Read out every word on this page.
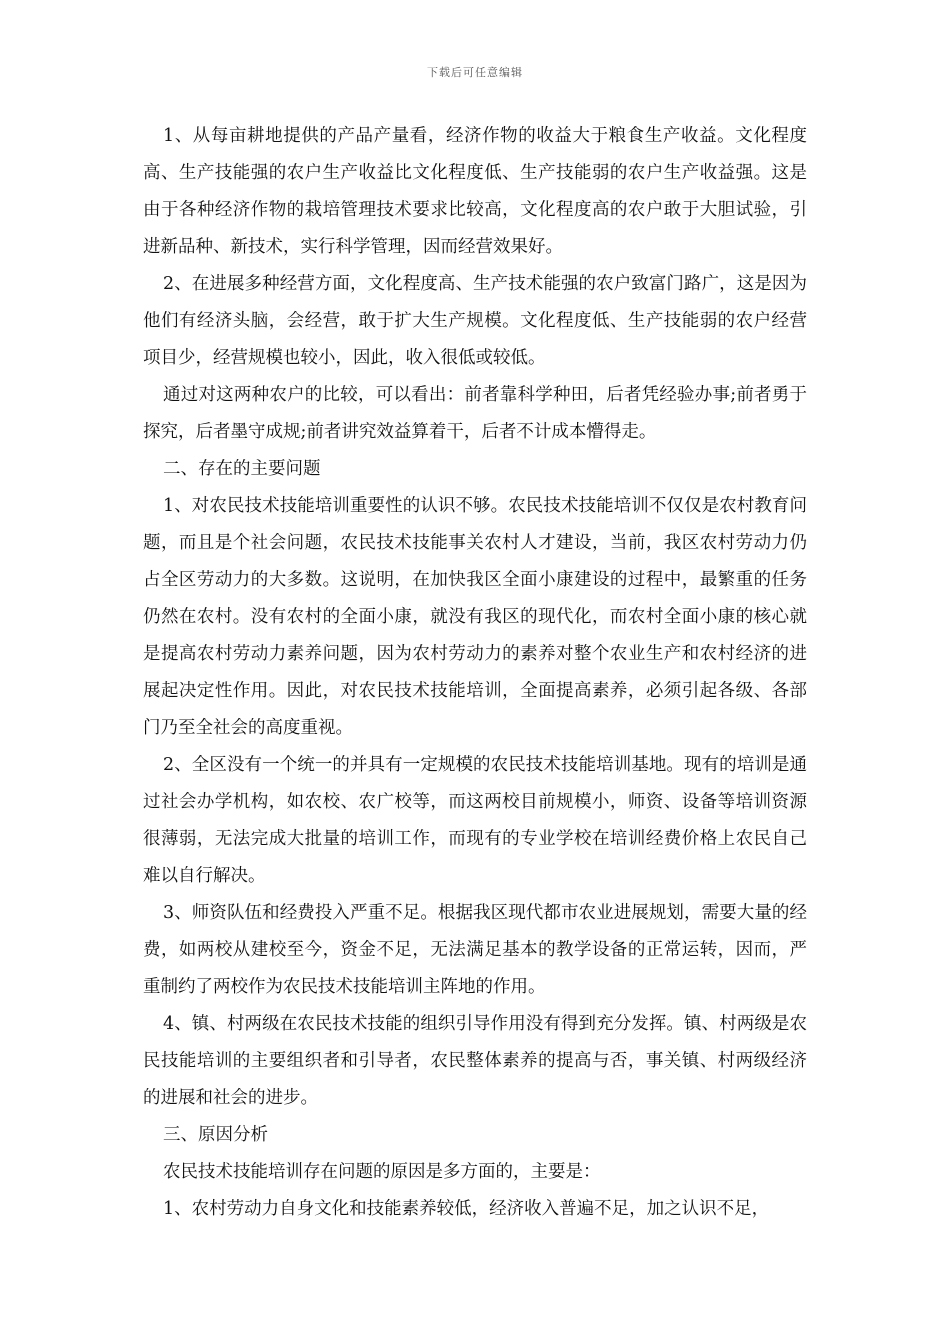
下载后可任意编辑

1、从每亩耕地提供的产品产量看，经济作物的收益大于粮食生产收益。文化程度高、生产技能强的农户生产收益比文化程度低、生产技能弱的农户生产收益强。这是由于各种经济作物的栽培管理技术要求比较高，文化程度高的农户敢于大胆试验，引进新品种、新技术，实行科学管理，因而经营效果好。

2、在进展多种经营方面，文化程度高、生产技术能强的农户致富门路广，这是因为他们有经济头脑，会经营，敢于扩大生产规模。文化程度低、生产技能弱的农户经营项目少，经营规模也较小，因此，收入很低或较低。

通过对这两种农户的比较，可以看出：前者靠科学种田，后者凭经验办事;前者勇于探究，后者墨守成规;前者讲究效益算着干，后者不计成本懵得走。

二、存在的主要问题

1、对农民技术技能培训重要性的认识不够。农民技术技能培训不仅仅是农村教育问题，而且是个社会问题，农民技术技能事关农村人才建设，当前，我区农村劳动力仍占全区劳动力的大多数。这说明，在加快我区全面小康建设的过程中，最繁重的任务仍然在农村。没有农村的全面小康，就没有我区的现代化，而农村全面小康的核心就是提高农村劳动力素养问题，因为农村劳动力的素养对整个农业生产和农村经济的进展起决定性作用。因此，对农民技术技能培训，全面提高素养，必须引起各级、各部门乃至全社会的高度重视。

2、全区没有一个统一的并具有一定规模的农民技术技能培训基地。现有的培训是通过社会办学机构，如农校、农广校等，而这两校目前规模小，师资、设备等培训资源很薄弱，无法完成大批量的培训工作，而现有的专业学校在培训经费价格上农民自己难以自行解决。

3、师资队伍和经费投入严重不足。根据我区现代都市农业进展规划，需要大量的经费，如两校从建校至今，资金不足，无法满足基本的教学设备的正常运转，因而，严重制约了两校作为农民技术技能培训主阵地的作用。

4、镇、村两级在农民技术技能的组织引导作用没有得到充分发挥。镇、村两级是农民技能培训的主要组织者和引导者，农民整体素养的提高与否，事关镇、村两级经济的进展和社会的进步。

三、原因分析

农民技术技能培训存在问题的原因是多方面的，主要是：

1、农村劳动力自身文化和技能素养较低，经济收入普遍不足，加之认识不足，
